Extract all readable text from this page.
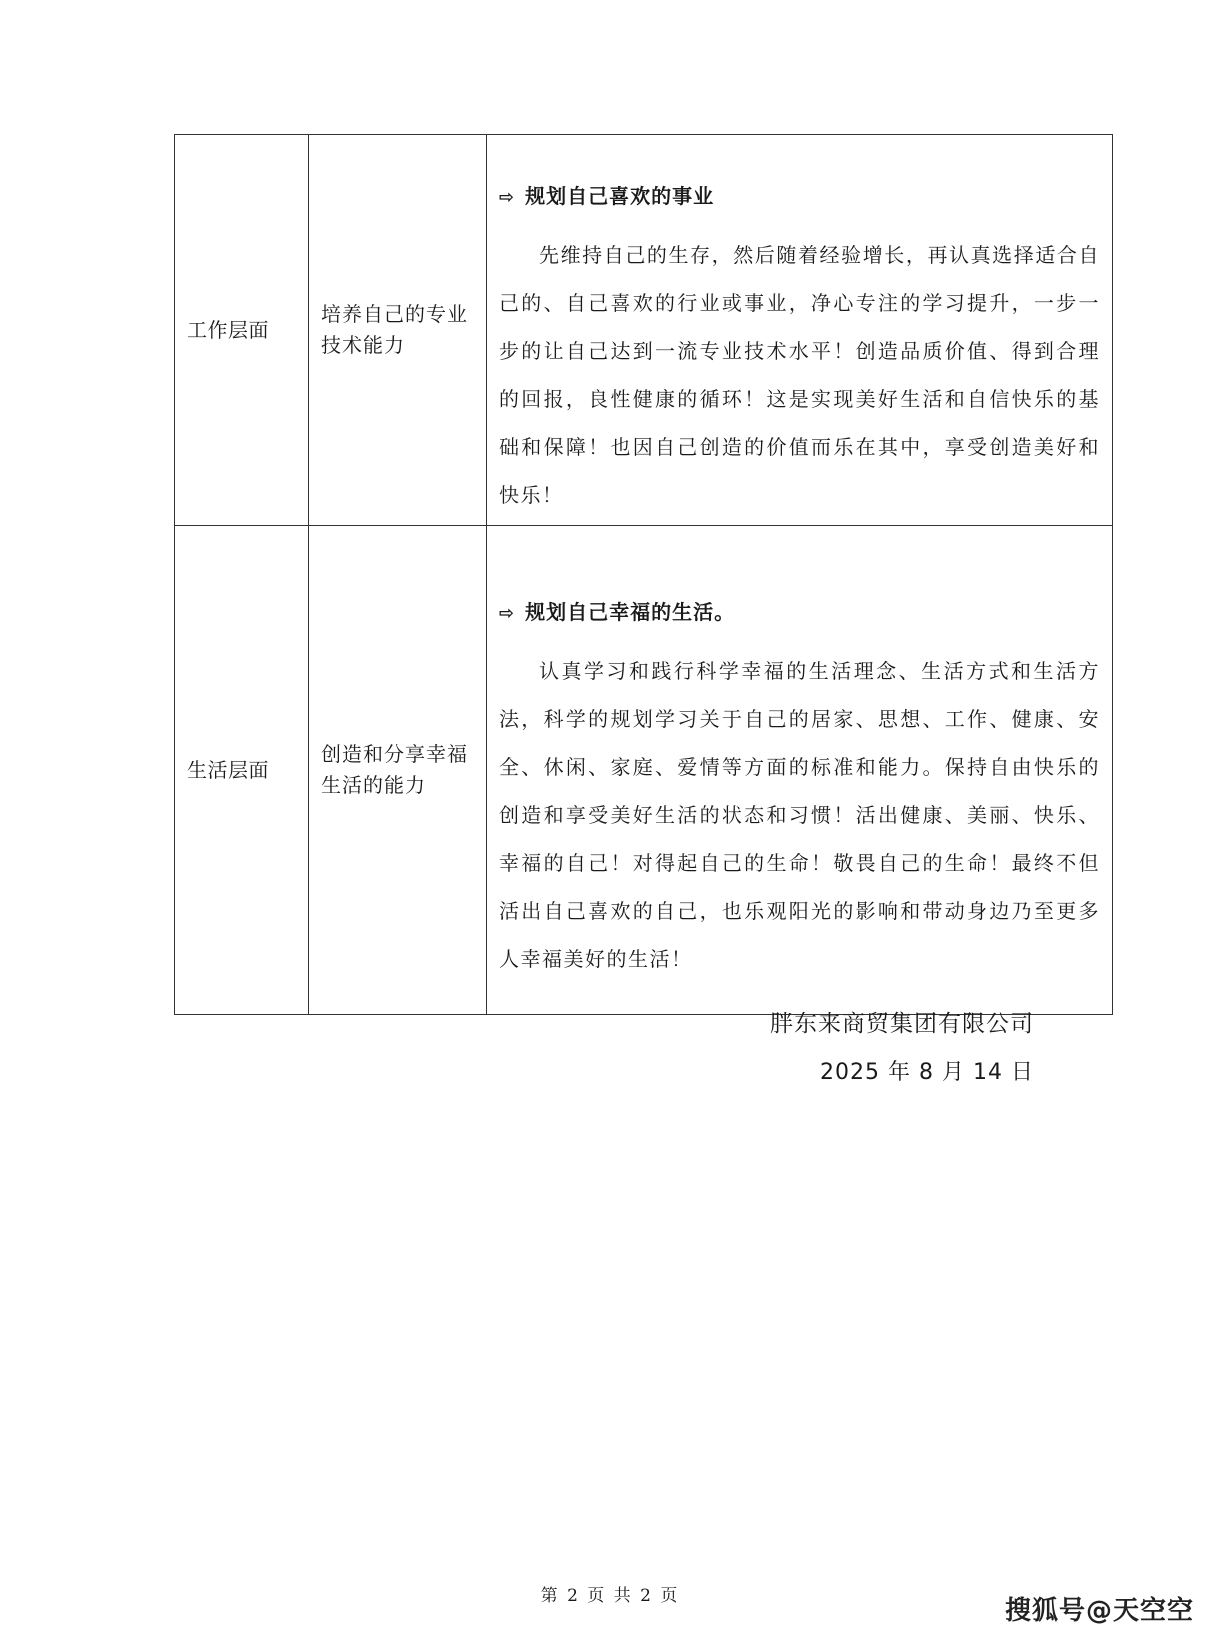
工作层面	培养自己的专业技术能力	⇨ 规划自己喜欢的事业

先维持自己的生存，然后随着经验增长，再认真选择适合自己的、自己喜欢的行业或事业，净心专注的学习提升，一步一步的让自己达到一流专业技术水平！创造品质价值、得到合理的回报，良性健康的循环！这是实现美好生活和自信快乐的基础和保障！也因自己创造的价值而乐在其中，享受创造美好和快乐！

生活层面	创造和分享幸福生活的能力	⇨ 规划自己幸福的生活。

认真学习和践行科学幸福的生活理念、生活方式和生活方法，科学的规划学习关于自己的居家、思想、工作、健康、安全、休闲、家庭、爱情等方面的标准和能力。保持自由快乐的创造和享受美好生活的状态和习惯！活出健康、美丽、快乐、幸福的自己！对得起自己的生命！敬畏自己的生命！最终不但活出自己喜欢的自己，也乐观阳光的影响和带动身边乃至更多人幸福美好的生活！

胖东来商贸集团有限公司
2025 年 8 月 14 日
第 2 页 共 2 页	搜狐号@天空空
